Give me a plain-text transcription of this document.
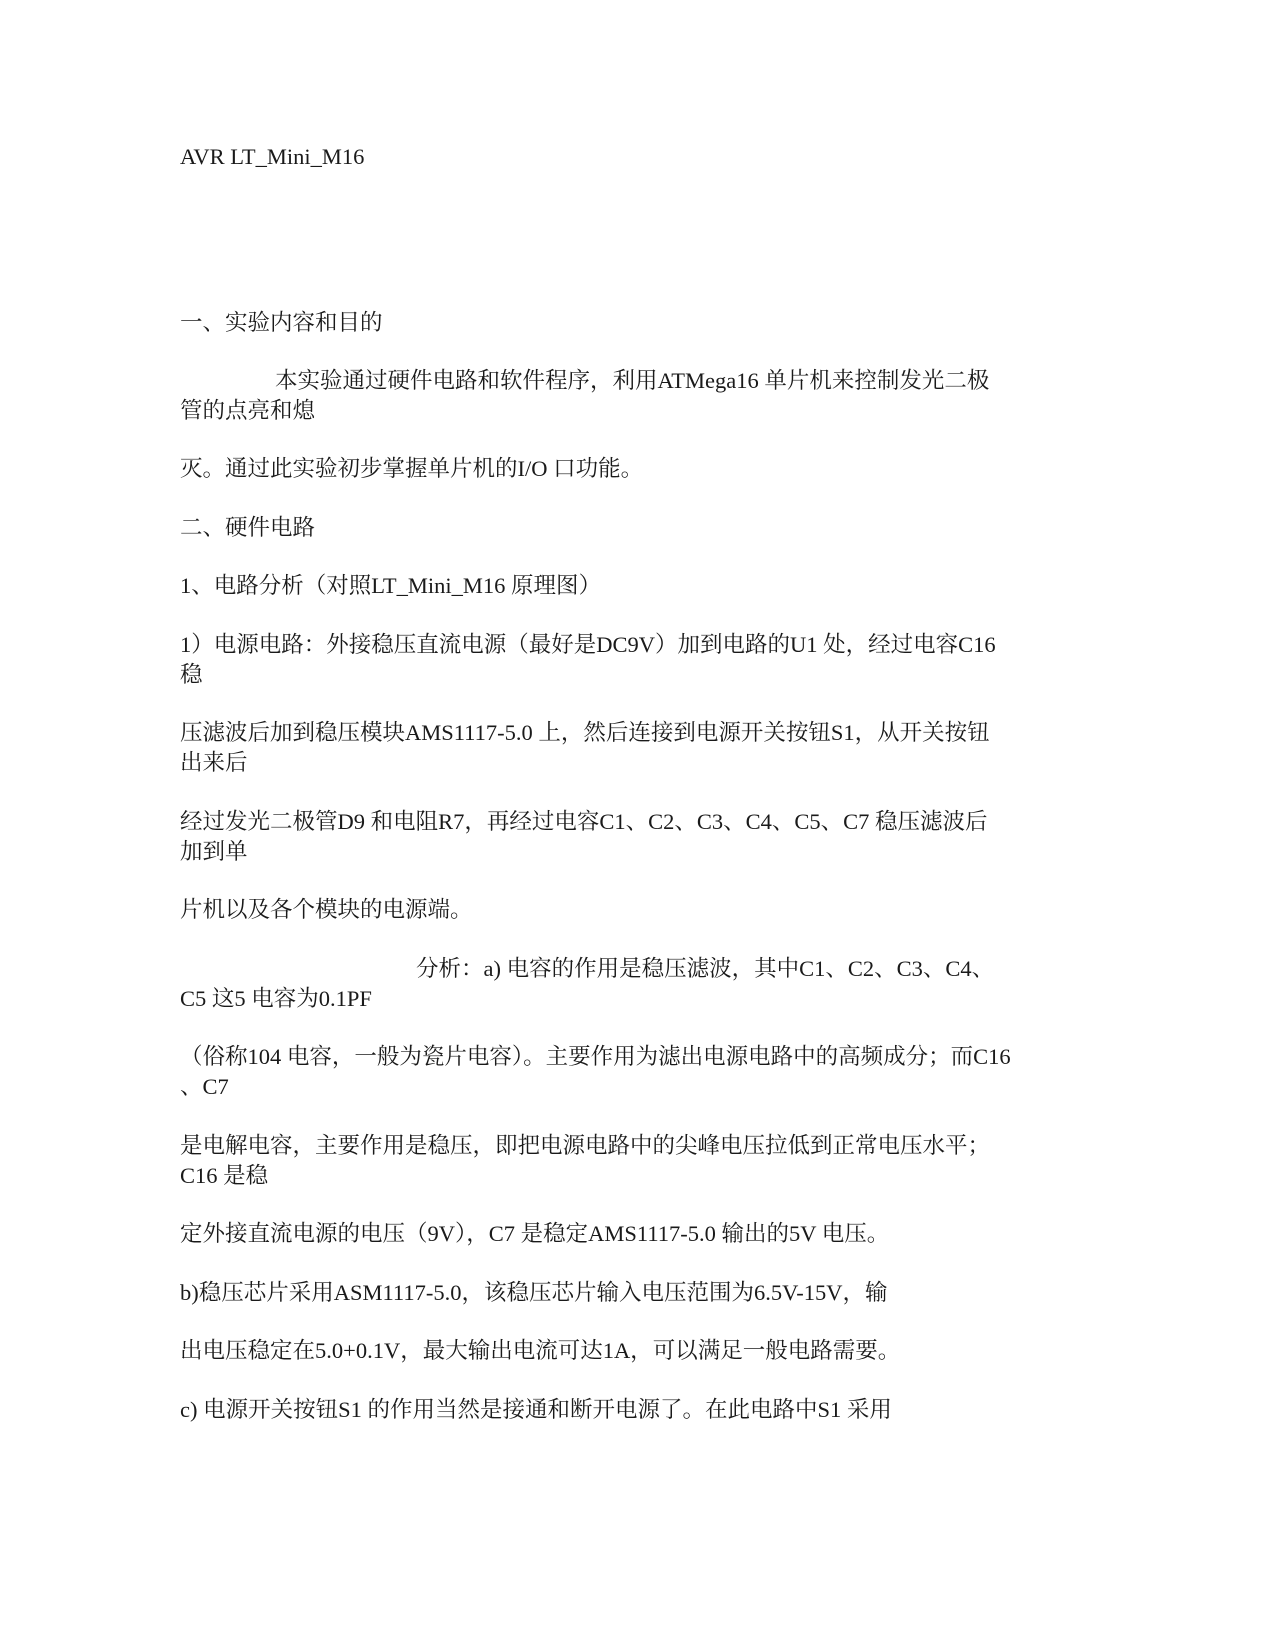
AVR LT_Mini_M16
一、实验内容和目的
本实验通过硬件电路和软件程序，利用ATMega16 单片机来控制发光二极
管的点亮和熄
灭。通过此实验初步掌握单片机的I/O 口功能。
二、硬件电路
1、电路分析（对照LT_Mini_M16 原理图）
1）电源电路：外接稳压直流电源（最好是DC9V）加到电路的U1 处，经过电容C16
稳
压滤波后加到稳压模块AMS1117-5.0 上，然后连接到电源开关按钮S1，从开关按钮
出来后
经过发光二极管D9 和电阻R7，再经过电容C1、C2、C3、C4、C5、C7 稳压滤波后
加到单
片机以及各个模块的电源端。
分析：a) 电容的作用是稳压滤波，其中C1、C2、C3、C4、
C5 这5 电容为0.1PF
（俗称104 电容，一般为瓷片电容）。主要作用为滤出电源电路中的高频成分；而C16
、C7
是电解电容，主要作用是稳压，即把电源电路中的尖峰电压拉低到正常电压水平；
C16 是稳
定外接直流电源的电压（9V），C7 是稳定AMS1117-5.0 输出的5V 电压。
b)稳压芯片采用ASM1117-5.0，该稳压芯片输入电压范围为6.5V-15V，输
出电压稳定在5.0+0.1V，最大输出电流可达1A，可以满足一般电路需要。
c) 电源开关按钮S1 的作用当然是接通和断开电源了。在此电路中S1 采用
